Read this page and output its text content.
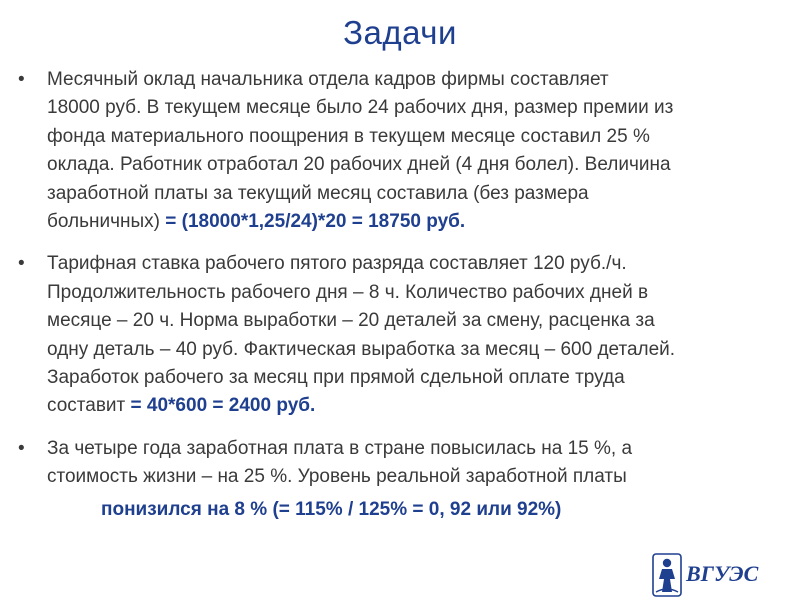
Задачи
• Месячный оклад начальника отдела кадров фирмы составляет
18000 руб. В текущем месяце было 24 рабочих дня, размер премии из
фонда материального поощрения в текущем месяце составил 25 %
оклада. Работник отработал 20 рабочих дней (4 дня болел). Величина
заработной платы за текущий месяц составила (без размера
больничных) = (18000*1,25/24)*20 = 18750 руб.
• Тарифная ставка рабочего пятого разряда составляет 120 руб./ч.
Продолжительность рабочего дня – 8 ч. Количество рабочих дней в
месяце – 20 ч. Норма выработки – 20 деталей за смену, расценка за
одну деталь – 40 руб. Фактическая выработка за месяц – 600 деталей.
Заработок рабочего за месяц при прямой сдельной оплате труда
составит = 40*600 = 2400 руб.
• За четыре года заработная плата в стране повысилась на 15 %, а
стоимость жизни – на 25 %. Уровень реальной заработной платы
понизился на 8 % (= 115% / 125% = 0, 92 или 92%)
ВГУЭС
